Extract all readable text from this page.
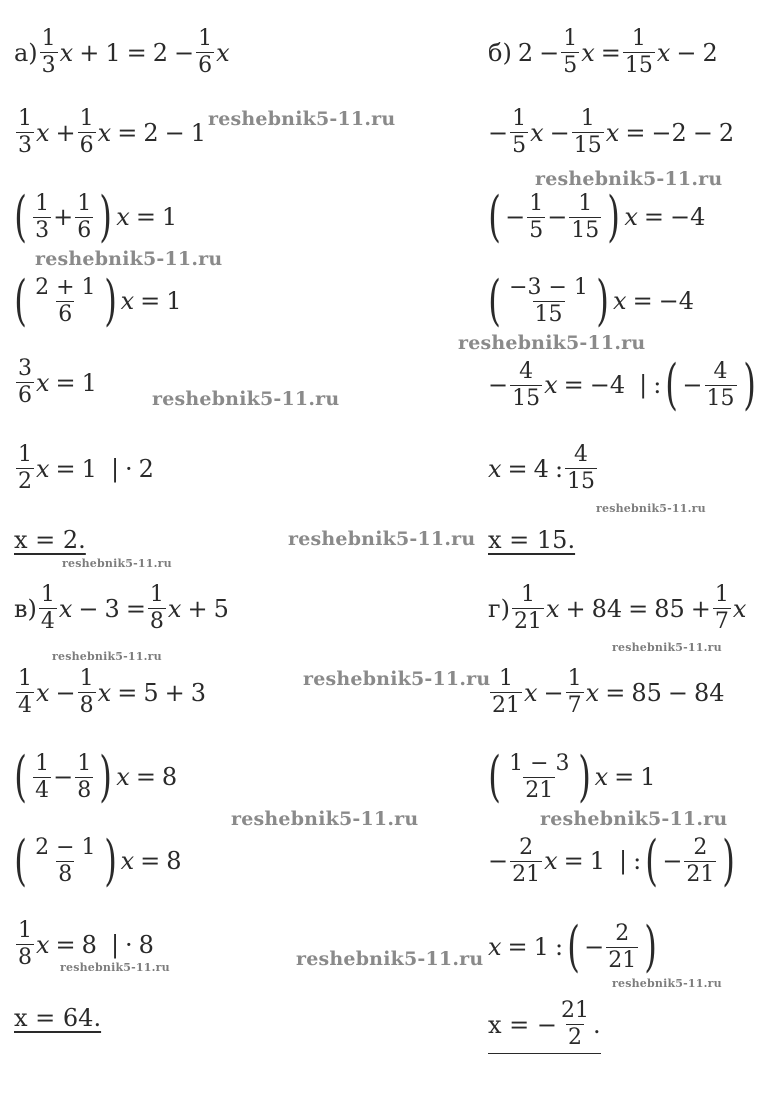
$а) \frac{1}{3}$ $x + 1 = 2 - \frac{1}{6}$ x
$\frac{1}{3}$ $x + \frac{1}{6}$ x = 2 − 1
( $\frac{1}{3} + \frac{1}{6}$
) x = 1
( $\frac{2 + 1}{6}$
) x = 1
$\frac{3}{6}$ x = 1
$\frac{1}{2}$ x = 1 | · 2
x = 2.
б) $2 - \frac{1}{5}$ $x = \frac{1}{15}$ x − 2
− $\frac{1}{5}$ $x - \frac{1}{15}$ x = −2 − 2
( − $\frac{1}{5} - \frac{1}{15}$
) x = −4
( $\frac{-3 - 1}{15}$
) x = −4
− $\frac{4}{15}$ x = −4 | : ( − $\frac{4}{15}$
)
x = 4 : $\frac{4}{15}$
x = 15.
$в) \frac{1}{4}$ $x - 3 = \frac{1}{8}$ x + 5
$\frac{1}{4}$ $x - \frac{1}{8}$ x = 5 + 3
( $\frac{1}{4} - \frac{1}{8}$
) x = 8
( $\frac{2 - 1}{8}$
) x = 8
$\frac{1}{8}$ x = 8 | · 8
x = 64.
$г) \frac{1}{21}$ $x + 84 = 85 + \frac{1}{7}$ x
$\frac{1}{21}$ $x - \frac{1}{7}$ x = 85 − 84
( $\frac{1 - 3}{21}$
) x = 1
− $\frac{2}{21}$ x = 1 | : ( − $\frac{2}{21}$
)
x = 1 : ( − $\frac{2}{21}$
)
x = − $\frac{21}{2}$ .
reshebnik5-11.ru
reshebnik5-11.ru
reshebnik5-11.ru
reshebnik5-11.ru
reshebnik5-11.ru
reshebnik5-11.ru
reshebnik5-11.ru
reshebnik5-11.ru
reshebnik5-11.ru
reshebnik5-11.ru
reshebnik5-11.ru
reshebnik5-11.ru	reshebnik5-11.ru
reshebnik5-11.ru	reshebnik5-11.ru
reshebnik5-11.ru
